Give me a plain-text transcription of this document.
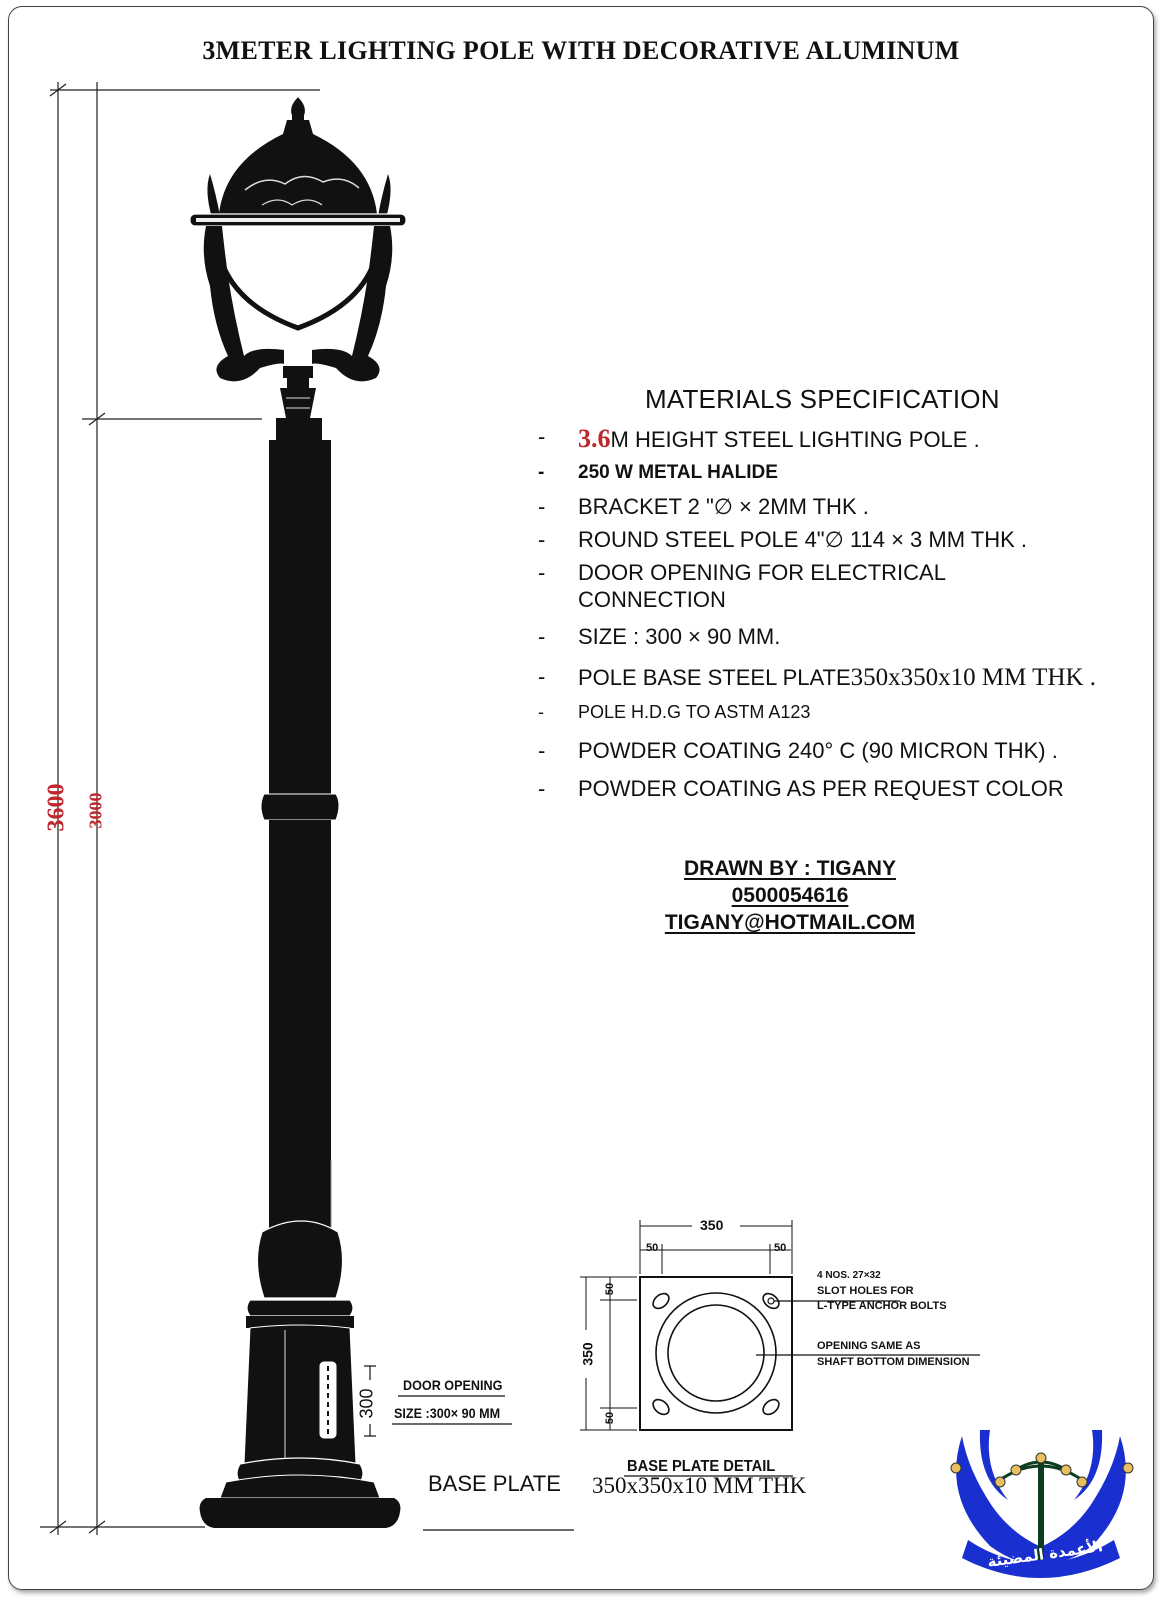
3METER LIGHTING POLE WITH DECORATIVE ALUMINUM
3600 3000
300
DOOR OPENING
SIZE :300× 90 MM
BASE PLATE 350x350x10 MM THK
350
50	50
350
50
50
4 NOS. 27×32
SLOT HOLES FOR
L-TYPE ANCHOR BOLTS
OPENING SAME AS
SHAFT BOTTOM DIMENSION
BASE PLATE DETAIL
MATERIALS SPECIFICATION
-	3.6M HEIGHT STEEL LIGHTING POLE .
-	250 W METAL HALIDE
-	BRACKET 2 "∅ × 2MM THK .
-	ROUND STEEL POLE 4"∅ 114 × 3 MM THK .
-	DOOR OPENING FOR ELECTRICAL
CONNECTION
-	SIZE : 300 × 90 MM.
-	POLE BASE STEEL PLATE350x350x10 MM THK .
-	POLE H.D.G TO ASTM A123
-	POWDER COATING 240° C (90 MICRON THK) .
-	POWDER COATING AS PER REQUEST COLOR
DRAWN BY : TIGANY
0500054616
TIGANY@HOTMAIL.COM
الأعمدة المضيئة
